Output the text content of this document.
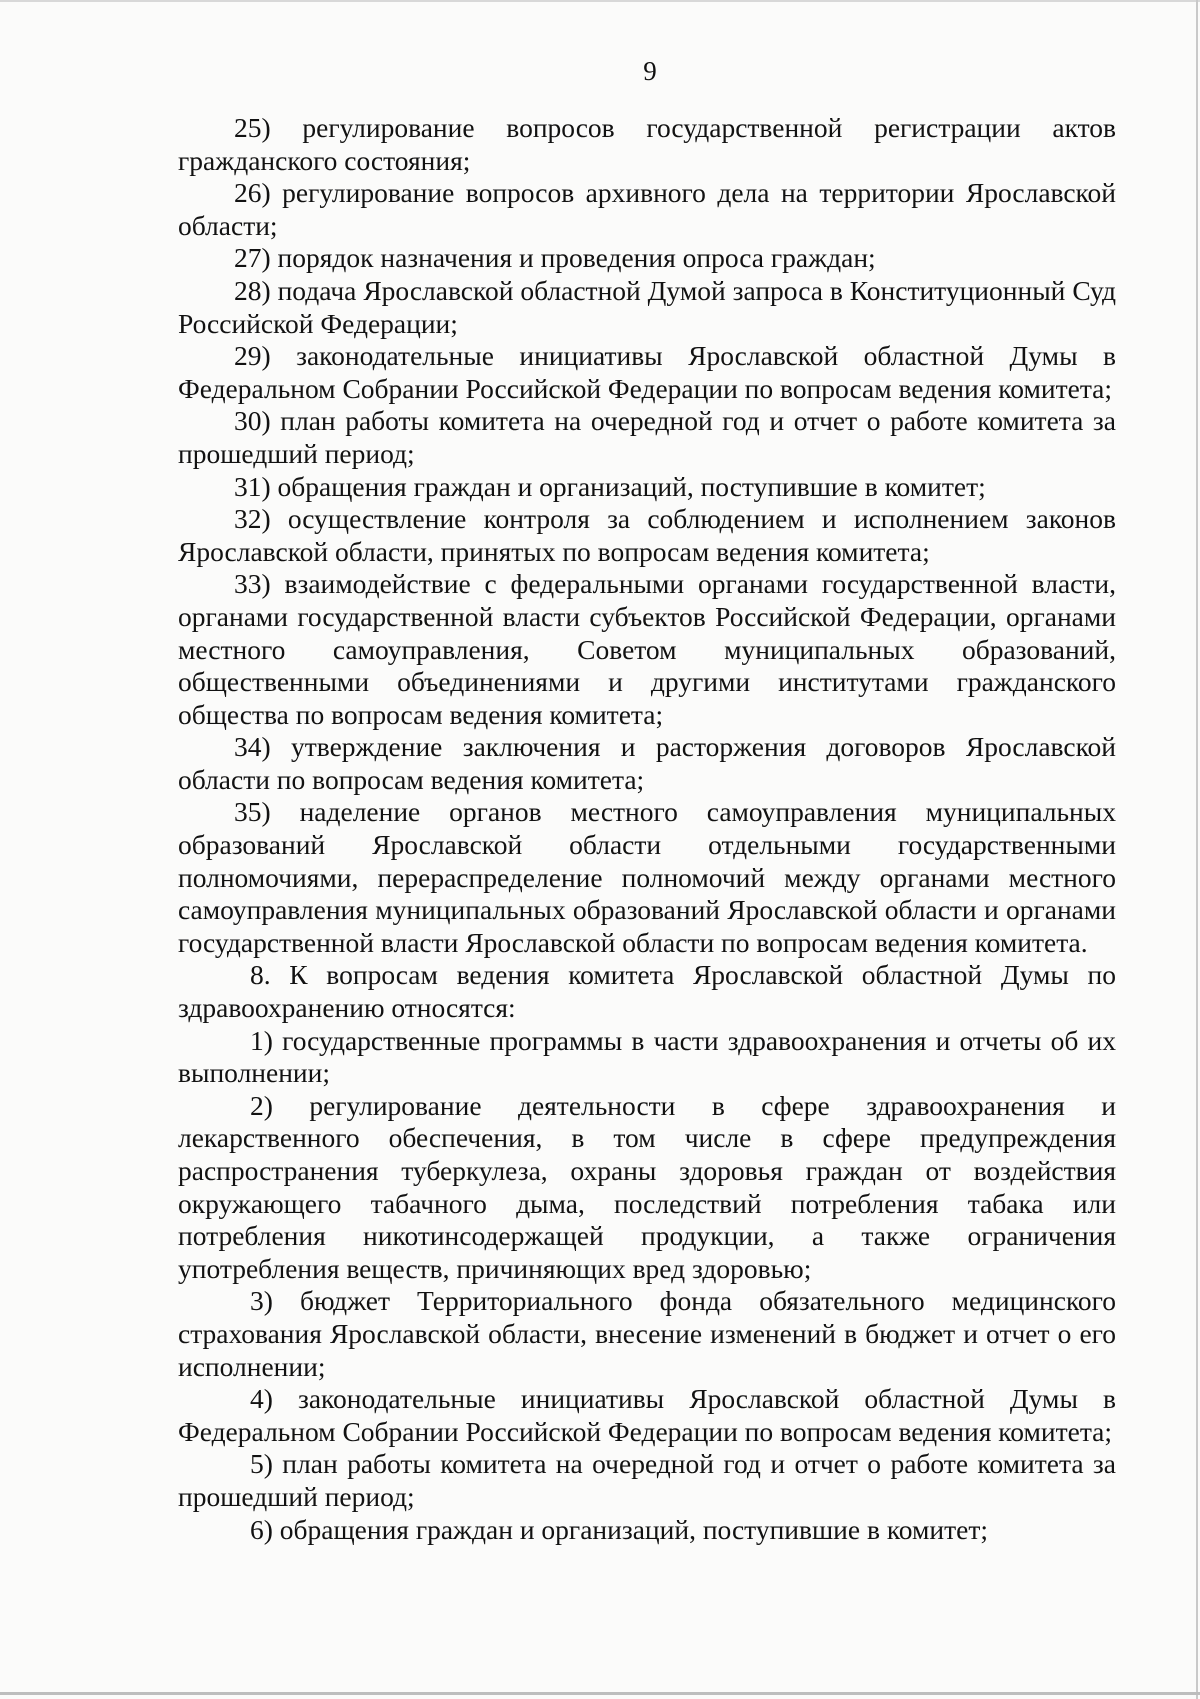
9

25) регулирование вопросов государственной регистрации актов гражданского состояния;

26) регулирование вопросов архивного дела на территории Ярославской области;

27) порядок назначения и проведения опроса граждан;

28) подача Ярославской областной Думой запроса в Конституционный Суд Российской Федерации;

29) законодательные инициативы Ярославской областной Думы в Федеральном Собрании Российской Федерации по вопросам ведения комитета;

30) план работы комитета на очередной год и отчет о работе комитета за прошедший период;

31) обращения граждан и организаций, поступившие в комитет;

32) осуществление контроля за соблюдением и исполнением законов Ярославской области, принятых по вопросам ведения комитета;

33) взаимодействие с федеральными органами государственной власти, органами государственной власти субъектов Российской Федерации, органами местного самоуправления, Советом муниципальных образований, общественными объединениями и другими институтами гражданского общества по вопросам ведения комитета;

34) утверждение заключения и расторжения договоров Ярославской области по вопросам ведения комитета;

35) наделение органов местного самоуправления муниципальных образований Ярославской области отдельными государственными полномочиями, перераспределение полномочий между органами местного самоуправления муниципальных образований Ярославской области и органами государственной власти Ярославской области по вопросам ведения комитета.

8. К вопросам ведения комитета Ярославской областной Думы по здравоохранению относятся:

1) государственные программы в части здравоохранения и отчеты об их выполнении;

2) регулирование деятельности в сфере здравоохранения и лекарственного обеспечения, в том числе в сфере предупреждения распространения туберкулеза, охраны здоровья граждан от воздействия окружающего табачного дыма, последствий потребления табака или потребления никотинсодержащей продукции, а также ограничения употребления веществ, причиняющих вред здоровью;

3) бюджет Территориального фонда обязательного медицинского страхования Ярославской области, внесение изменений в бюджет и отчет о его исполнении;

4) законодательные инициативы Ярославской областной Думы в Федеральном Собрании Российской Федерации по вопросам ведения комитета;

5) план работы комитета на очередной год и отчет о работе комитета за прошедший период;

6) обращения граждан и организаций, поступившие в комитет;
